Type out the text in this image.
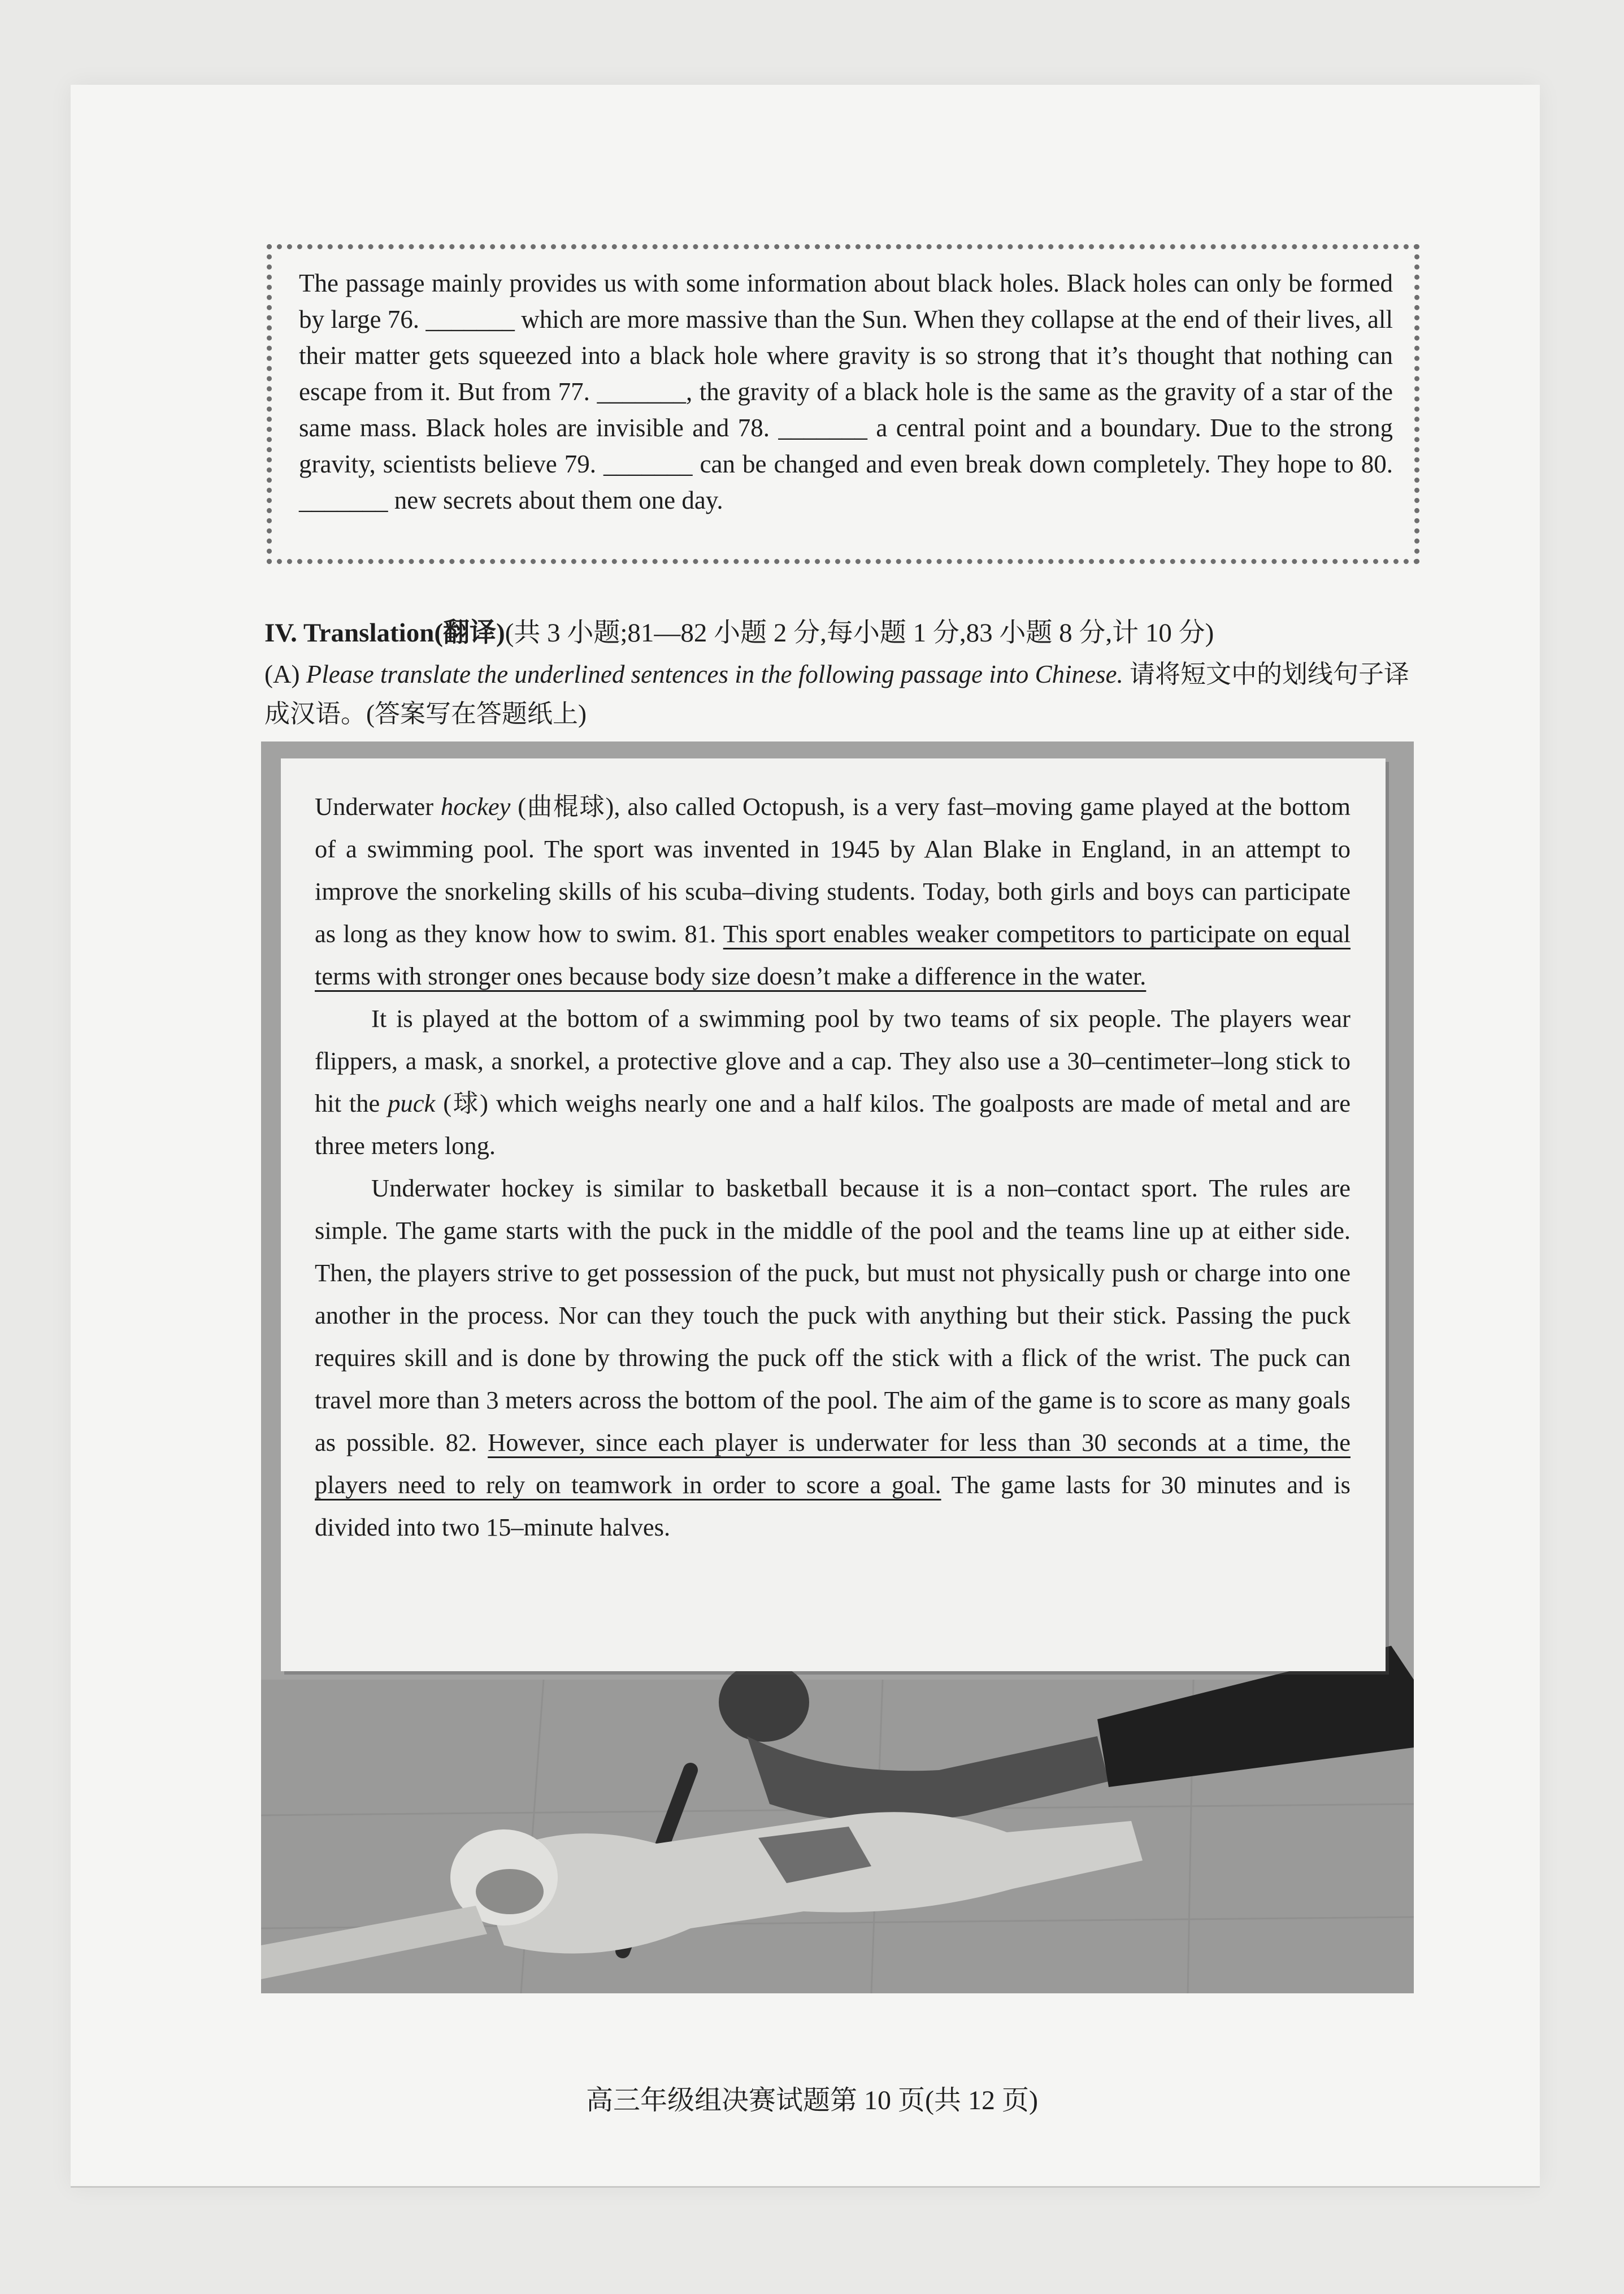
The passage mainly provides us with some information about black holes. Black holes can only be formed by large 76. _______ which are more massive than the Sun. When they collapse at the end of their lives, all their matter gets squeezed into a black hole where gravity is so strong that it’s thought that nothing can escape from it. But from 77. _______, the gravity of a black hole is the same as the gravity of a star of the same mass. Black holes are invisible and 78. _______ a central point and a boundary. Due to the strong gravity, scientists believe 79. _______ can be changed and even break down completely. They hope to 80. _______ new secrets about them one day.

IV. Translation(翻译)(共 3 小题;81—82 小题 2 分,每小题 1 分,83 小题 8 分,计 10 分)
(A) Please translate the underlined sentences in the following passage into Chinese. 请将短文中的划线句子译成汉语。(答案写在答题纸上)

Underwater hockey (曲棍球), also called Octopush, is a very fast–moving game played at the bottom of a swimming pool. The sport was invented in 1945 by Alan Blake in England, in an attempt to improve the snorkeling skills of his scuba–diving students. Today, both girls and boys can participate as long as they know how to swim. 81. This sport enables weaker competitors to participate on equal terms with stronger ones because body size doesn’t make a difference in the water.

It is played at the bottom of a swimming pool by two teams of six people. The players wear flippers, a mask, a snorkel, a protective glove and a cap. They also use a 30–centimeter–long stick to hit the puck (球) which weighs nearly one and a half kilos. The goalposts are made of metal and are three meters long.

Underwater hockey is similar to basketball because it is a non–contact sport. The rules are simple. The game starts with the puck in the middle of the pool and the teams line up at either side. Then, the players strive to get possession of the puck, but must not physically push or charge into one another in the process. Nor can they touch the puck with anything but their stick. Passing the puck requires skill and is done by throwing the puck off the stick with a flick of the wrist. The puck can travel more than 3 meters across the bottom of the pool. The aim of the game is to score as many goals as possible. 82. However, since each player is underwater for less than 30 seconds at a time, the players need to rely on teamwork in order to score a goal. The game lasts for 30 minutes and is divided into two 15–minute halves.

高三年级组决赛试题第 10 页(共 12 页)
